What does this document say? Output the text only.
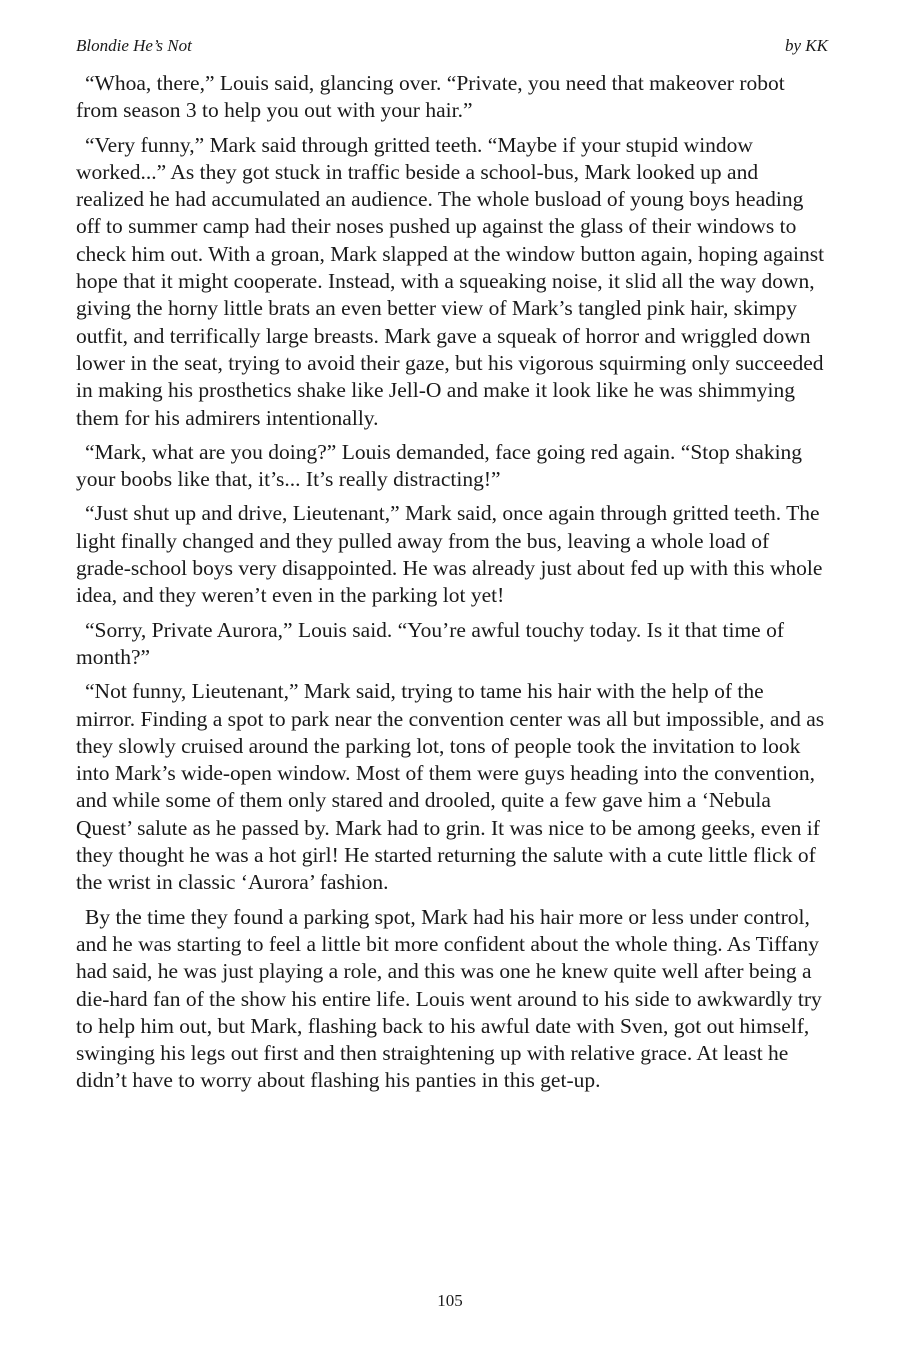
Blondie He’s Not	by KK

“Whoa, there,” Louis said, glancing over. “Private, you need that makeover robot from season 3 to help you out with your hair.”

“Very funny,” Mark said through gritted teeth. “Maybe if your stupid window worked...” As they got stuck in traffic beside a school-bus, Mark looked up and realized he had accumulated an audience. The whole busload of young boys heading off to summer camp had their noses pushed up against the glass of their windows to check him out. With a groan, Mark slapped at the window button again, hoping against hope that it might cooperate. Instead, with a squeaking noise, it slid all the way down, giving the horny little brats an even better view of Mark’s tangled pink hair, skimpy outfit, and terrifically large breasts. Mark gave a squeak of horror and wriggled down lower in the seat, trying to avoid their gaze, but his vigorous squirming only succeeded in making his prosthetics shake like Jell-O and make it look like he was shimmying them for his admirers intentionally.

“Mark, what are you doing?” Louis demanded, face going red again. “Stop shaking your boobs like that, it’s... It’s really distracting!”

“Just shut up and drive, Lieutenant,” Mark said, once again through gritted teeth. The light finally changed and they pulled away from the bus, leaving a whole load of grade-school boys very disappointed. He was already just about fed up with this whole idea, and they weren’t even in the parking lot yet!

“Sorry, Private Aurora,” Louis said. “You’re awful touchy today. Is it that time of month?”

“Not funny, Lieutenant,” Mark said, trying to tame his hair with the help of the mirror. Finding a spot to park near the convention center was all but impossible, and as they slowly cruised around the parking lot, tons of people took the invitation to look into Mark’s wide-open window. Most of them were guys heading into the convention, and while some of them only stared and drooled, quite a few gave him a ‘Nebula Quest’ salute as he passed by. Mark had to grin. It was nice to be among geeks, even if they thought he was a hot girl! He started returning the salute with a cute little flick of the wrist in classic ‘Aurora’ fashion.

By the time they found a parking spot, Mark had his hair more or less under control, and he was starting to feel a little bit more confident about the whole thing. As Tiffany had said, he was just playing a role, and this was one he knew quite well after being a die-hard fan of the show his entire life. Louis went around to his side to awkwardly try to help him out, but Mark, flashing back to his awful date with Sven, got out himself, swinging his legs out first and then straightening up with relative grace. At least he didn’t have to worry about flashing his panties in this get-up.

105
